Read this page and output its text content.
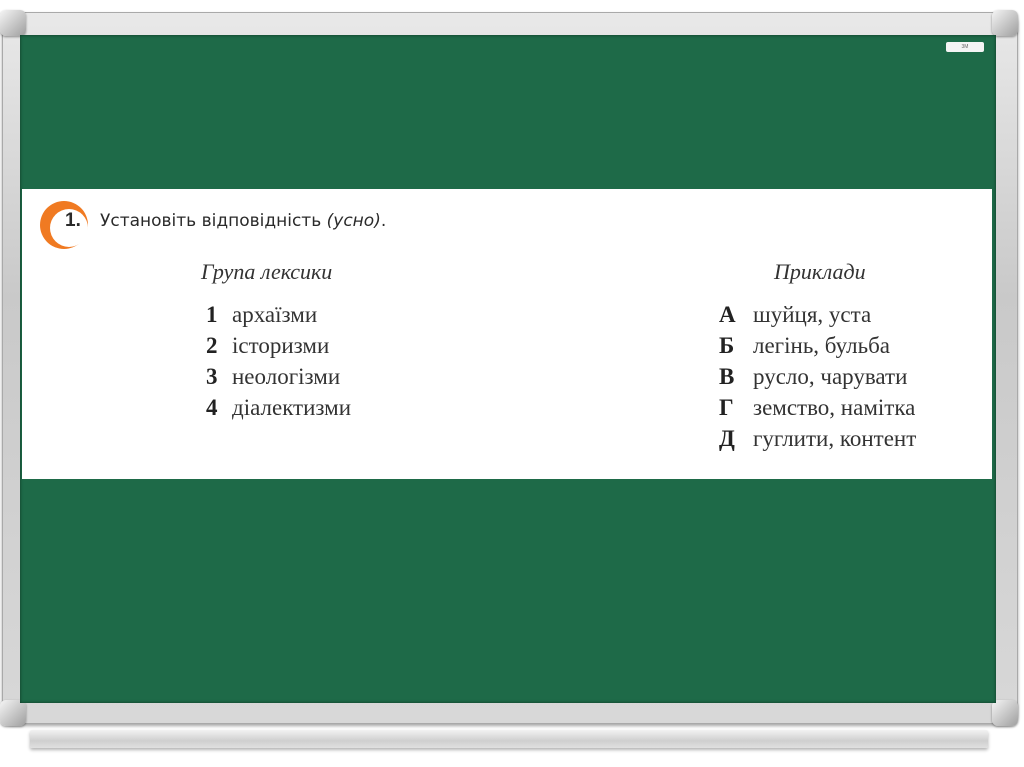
3M
1. Установіть відповідність (усно).
Група лексики	Приклади
1 архаїзми
2 історизми
3 неологізми
4 діалектизми
А шуйця, уста
Б легінь, бульба
В русло, чарувати
Г земство, намітка
Д гуглити, контент
